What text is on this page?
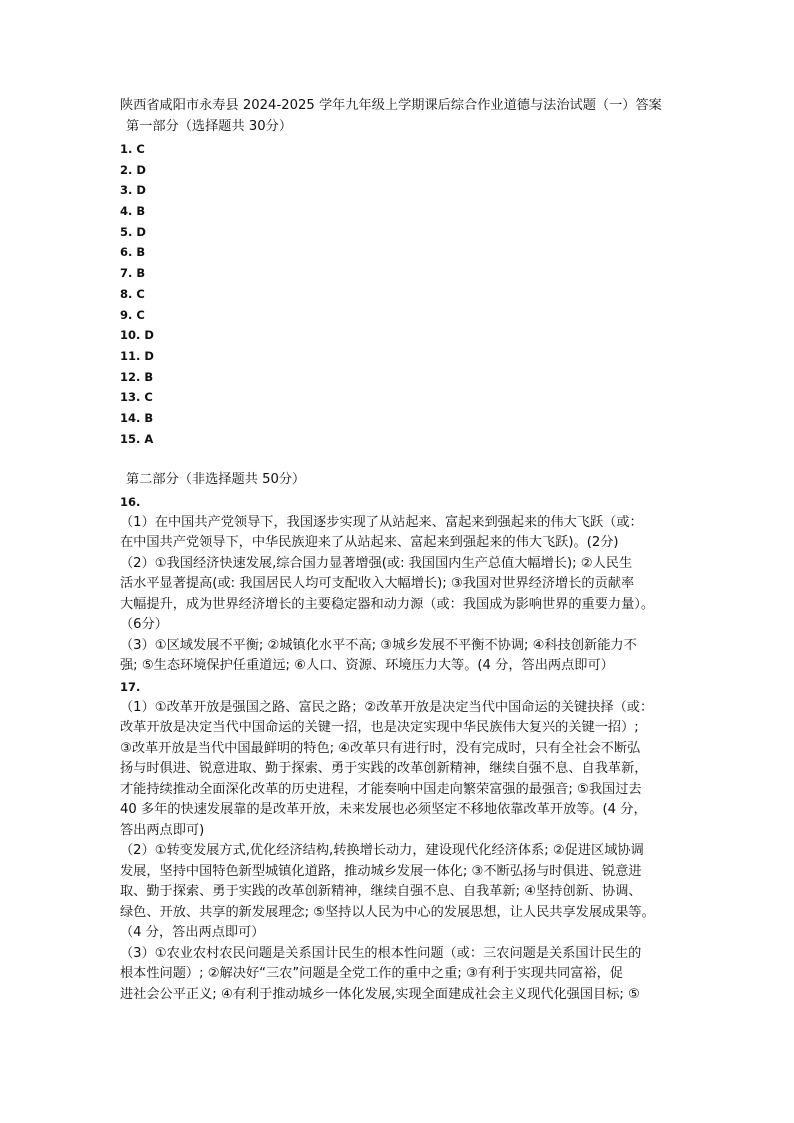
陕西省咸阳市永寿县 2024-2025 学年九年级上学期课后综合作业道德与法治试题（一）答案
第一部分（选择题共 30分）
1. C
2. D
3. D
4. B
5. D
6. B
7. B
8. C
9. C
10. D
11. D
12. B
13. C
14. B
15. A
第二部分（非选择题共 50分）
16.
（1）在中国共产党领导下，我国逐步实现了从站起来、富起来到强起来的伟大飞跃（或：
在中国共产党领导下，中华民族迎来了从站起来、富起来到强起来的伟大飞跃)。(2分)
（2）①我国经济快速发展,综合国力显著增强(或: 我国国内生产总值大幅增长); ②人民生
活水平显著提高(或: 我国居民人均可支配收入大幅增长); ③我国对世界经济增长的贡献率
大幅提升，成为世界经济增长的主要稳定器和动力源（或：我国成为影响世界的重要力量）。
（6分）
（3）①区域发展不平衡; ②城镇化水平不高; ③城乡发展不平衡不协调; ④科技创新能力不
强; ⑤生态环境保护任重道远; ⑥人口、资源、环境压力大等。(4 分，答出两点即可）
17.
（1）①改革开放是强国之路、富民之路；②改革开放是决定当代中国命运的关键抉择（或：
改革开放是决定当代中国命运的关键一招，也是决定实现中华民族伟大复兴的关键一招）;
③改革开放是当代中国最鲜明的特色; ④改革只有进行时，没有完成时，只有全社会不断弘
扬与时俱进、锐意进取、勤于探索、勇于实践的改革创新精神，继续自强不息、自我革新，
才能持续推动全面深化改革的历史进程，才能奏响中国走向繁荣富强的最强音; ⑤我国过去
40 多年的快速发展靠的是改革开放，未来发展也必须坚定不移地依靠改革开放等。(4 分，
答出两点即可)
（2）①转变发展方式,优化经济结构,转换增长动力，建设现代化经济体系; ②促进区域协调
发展，坚持中国特色新型城镇化道路，推动城乡发展一体化; ③不断弘扬与时俱进、锐意进
取、勤于探索、勇于实践的改革创新精神，继续自强不息、自我革新; ④坚持创新、协调、
绿色、开放、共享的新发展理念; ⑤坚持以人民为中心的发展思想，让人民共享发展成果等。
（4 分，答出两点即可）
（3）①农业农村农民问题是关系国计民生的根本性问题（或：三农问题是关系国计民生的
根本性问题）; ②解决好“三农”问题是全党工作的重中之重; ③有利于实现共同富裕，促
进社会公平正义; ④有利于推动城乡一体化发展,实现全面建成社会主义现代化强国目标; ⑤
